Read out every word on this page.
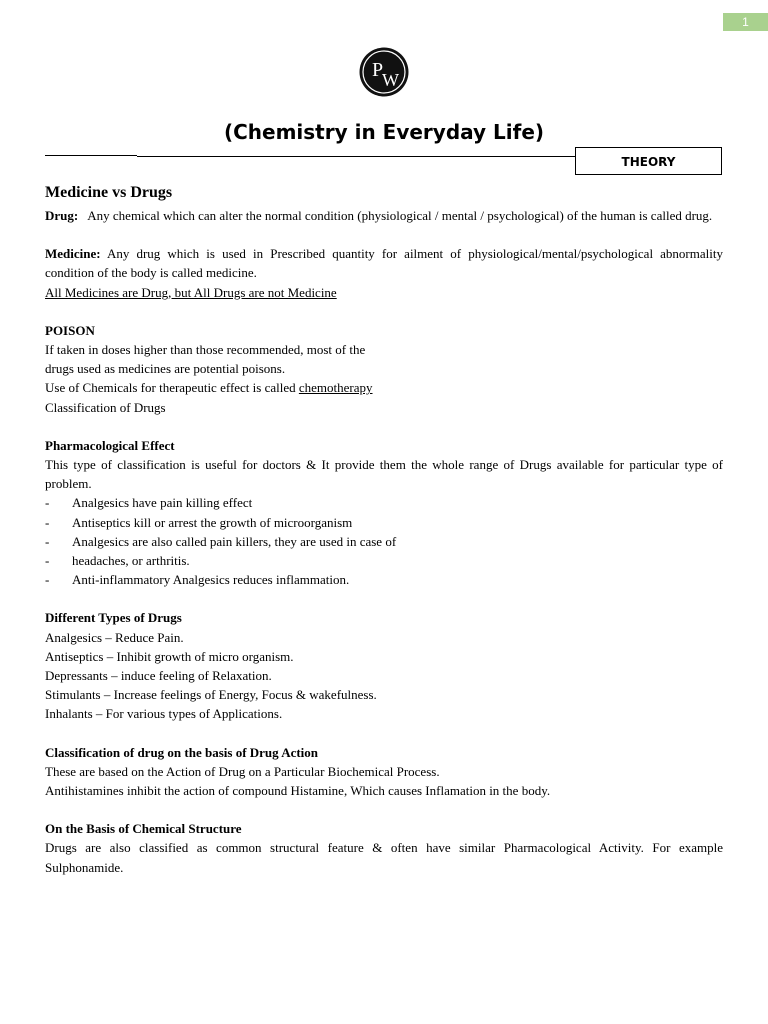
1
P
W
(Chemistry in Everyday Life)
THEORY

Medicine vs Drugs

Drug: Any chemical which can alter the normal condition (physiological / mental / psychological) of the human is called drug.

Medicine: Any drug which is used in Prescribed quantity for ailment of physiological/mental/psychological abnormality condition of the body is called medicine.

All Medicines are Drug, but All Drugs are not Medicine

POISON

If taken in doses higher than those recommended, most of the

drugs used as medicines are potential poisons.

Use of Chemicals for therapeutic effect is called chemotherapy

Classification of Drugs

Pharmacological Effect

This type of classification is useful for doctors & It provide them the whole range of Drugs available for particular type of problem.

- Analgesics have pain killing effect
- Antiseptics kill or arrest the growth of microorganism
- Analgesics are also called pain killers, they are used in case of
- headaches, or arthritis.
- Anti-inflammatory Analgesics reduces inflammation.

Different Types of Drugs

Analgesics – Reduce Pain.

Antiseptics – Inhibit growth of micro organism.

Depressants – induce feeling of Relaxation.

Stimulants – Increase feelings of Energy, Focus & wakefulness.

Inhalants – For various types of Applications.

Classification of drug on the basis of Drug Action

These are based on the Action of Drug on a Particular Biochemical Process.

Antihistamines inhibit the action of compound Histamine, Which causes Inflamation in the body.

On the Basis of Chemical Structure

Drugs are also classified as common structural feature & often have similar Pharmacological Activity. For example Sulphonamide.
